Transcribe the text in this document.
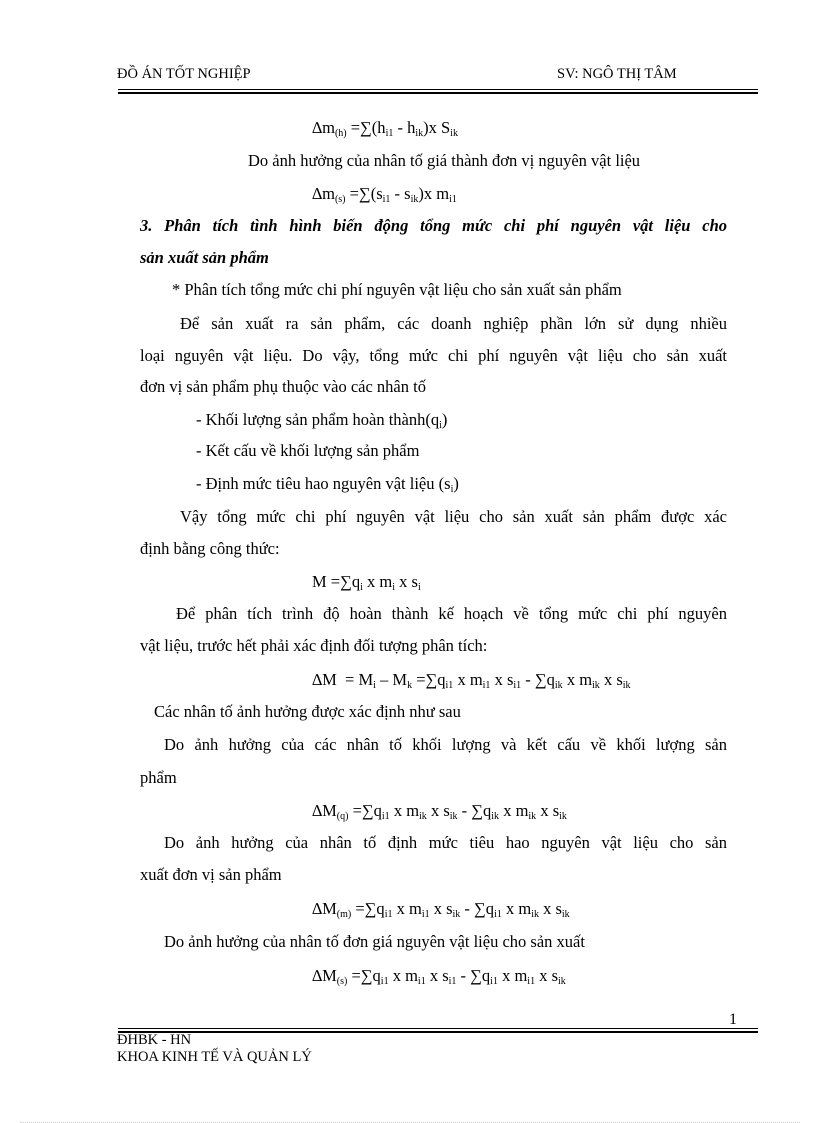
ĐỒ ÁN TỐT NGHIỆP	SV: NGÔ THỊ TÂM
$\Delta m_{(h)} =\sum(h_{i1} - h_{ik})x$ $S_{ik}$
Do ảnh hưởng của nhân tố giá thành đơn vị nguyên vật liệu
$\Delta m_{(s)} =\sum(s_{i1} - s_{ik})x$ $m_{i1}$
3. Phân tích tình hình biến động tổng mức chi phí nguyên vật liệu cho
sản xuất sản phẩm
* Phân tích tổng mức chi phí nguyên vật liệu cho sản xuất sản phẩm
Để sản xuất ra sản phẩm, các doanh nghiệp phần lớn sử dụng nhiều
loại nguyên vật liệu. Do vậy, tổng mức chi phí nguyên vật liệu cho sản xuất
đơn vị sản phẩm phụ thuộc vào các nhân tố
- Khối lượng sản phẩm hoàn $thành(q_i)$
- Kết cấu về khối lượng sản phẩm
- Định mức tiêu hao nguyên vật liệu $(s_i)$
Vậy tổng mức chi phí nguyên vật liệu cho sản xuất sản phẩm được xác
định bằng công thức:
$M =\sum q_i$ x $m_i$ x $s_i$
Để phân tích trình độ hoàn thành kế hoạch về tổng mức chi phí nguyên
vật liệu, trước hết phải xác định đối tượng phân tích:
$\Delta M = M_i - M_k =\sum q_{i1}$ x $m_{i1}$ x $s_{i1} - \sum q_{ik}$ x $m_{ik}$ x $s_{ik}$
Các nhân tố ảnh hưởng được xác định như sau
Do ảnh hưởng của các nhân tố khối lượng và kết cấu về khối lượng sản
phẩm
$\Delta M_{(q)} =\sum q_{i1}$ x $m_{ik}$ x $s_{ik} - \sum q_{ik}$ x $m_{ik}$ x $s_{ik}$
Do ảnh hưởng của nhân tố định mức tiêu hao nguyên vật liệu cho sản
xuất đơn vị sản phẩm
$\Delta M_{(m)} =\sum q_{i1}$ x $m_{i1}$ x $s_{ik} - \sum q_{i1}$ x $m_{ik}$ x $s_{ik}$
Do ảnh hưởng của nhân tố đơn giá nguyên vật liệu cho sản xuất
$\Delta M_{(s)} =\sum q_{i1}$ x $m_{i1}$ x $s_{i1} - \sum q_{i1}$ x $m_{i1}$ x $s_{ik}$
1
ĐHBK - HN
KHOA KINH TẾ VÀ QUẢN LÝ
